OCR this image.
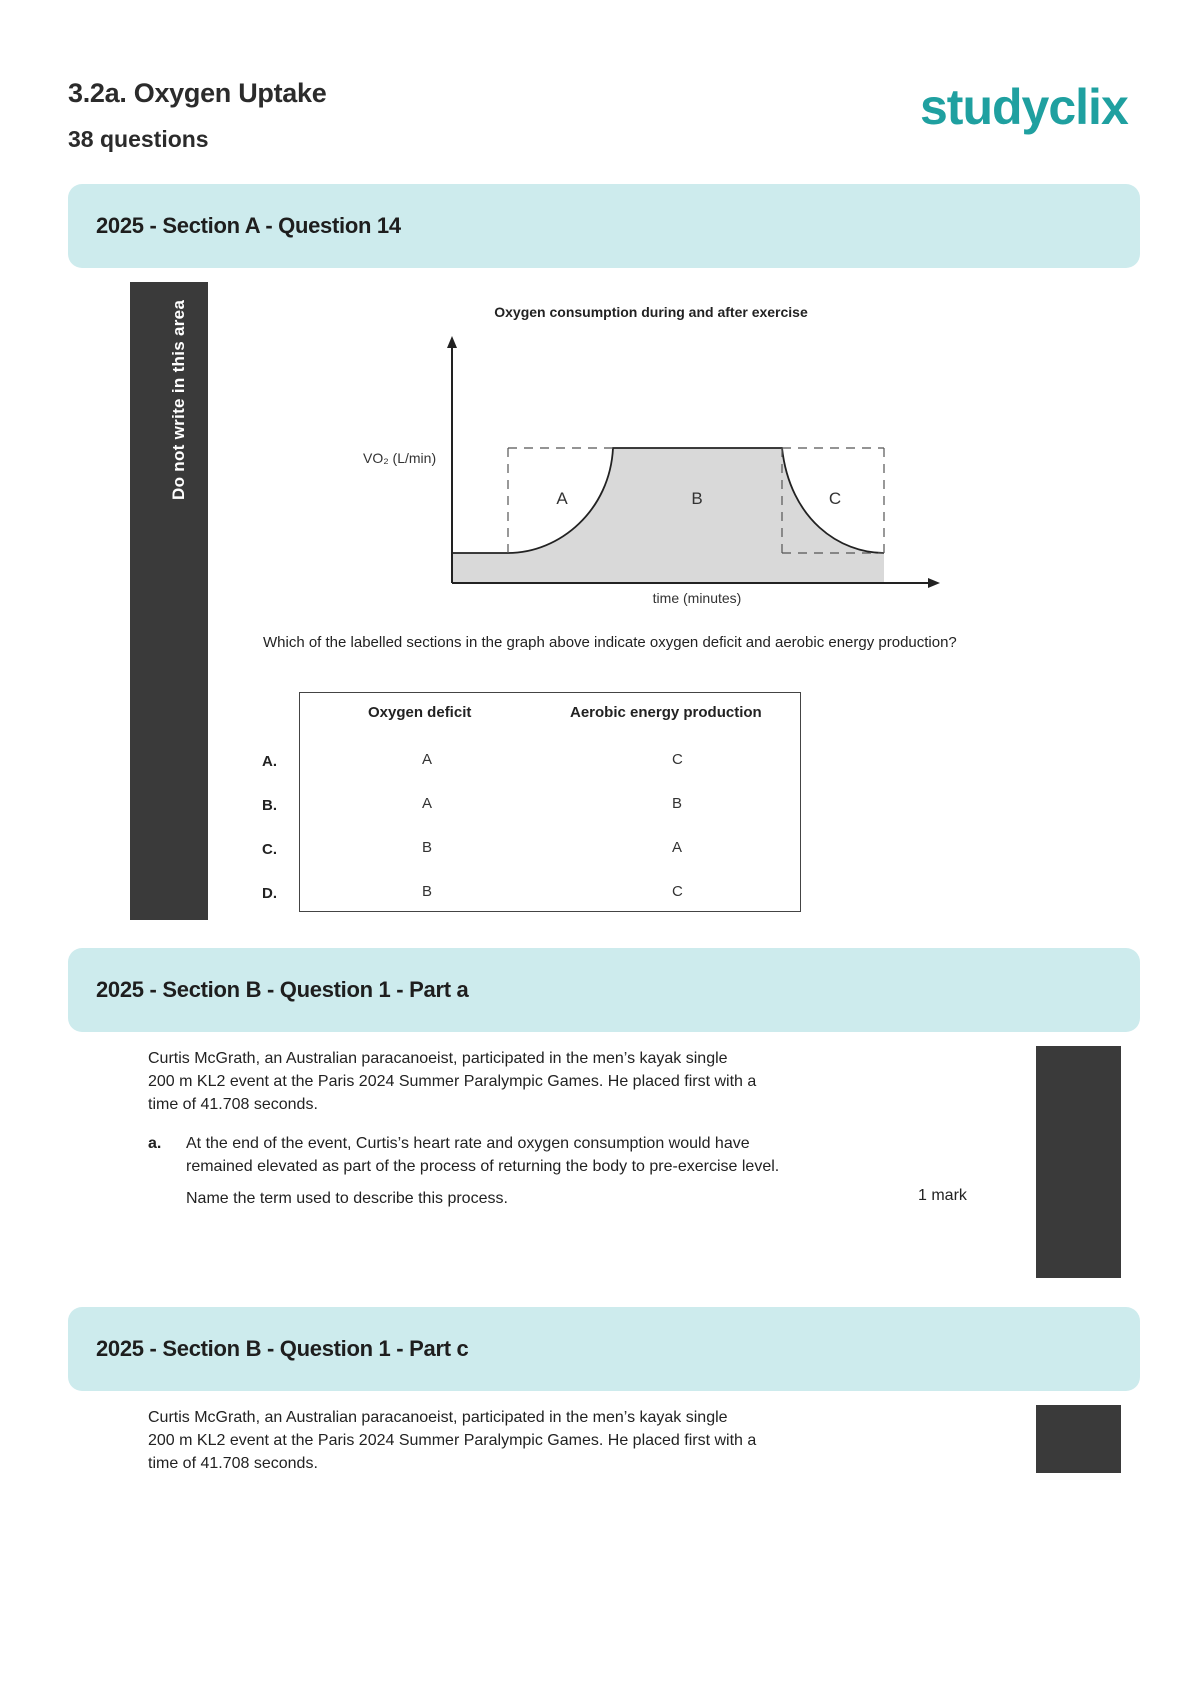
3.2a. Oxygen Uptake
38 questions
studyclix
2025 - Section A - Question 14
Do not write in this area	Oxygen consumption during and after exercise
VO₂ (L/min)
time (minutes)
A	B	C
Which of the labelled sections in the graph above indicate oxygen deficit and aerobic energy production?
Oxygen deficit	Aerobic energy production
A.	A	C
B.	A	B
C.	B	A
D.	B	C
2025 - Section B - Question 1 - Part a
Curtis McGrath, an Australian paracanoeist, participated in the men’s kayak single
200 m KL2 event at the Paris 2024 Summer Paralympic Games. He placed first with a
time of 41.708 seconds.
a. At the end of the event, Curtis’s heart rate and oxygen consumption would have
remained elevated as part of the process of returning the body to pre-exercise level.
Name the term used to describe this process.	1 mark
2025 - Section B - Question 1 - Part c
Curtis McGrath, an Australian paracanoeist, participated in the men’s kayak single
200 m KL2 event at the Paris 2024 Summer Paralympic Games. He placed first with a
time of 41.708 seconds.
